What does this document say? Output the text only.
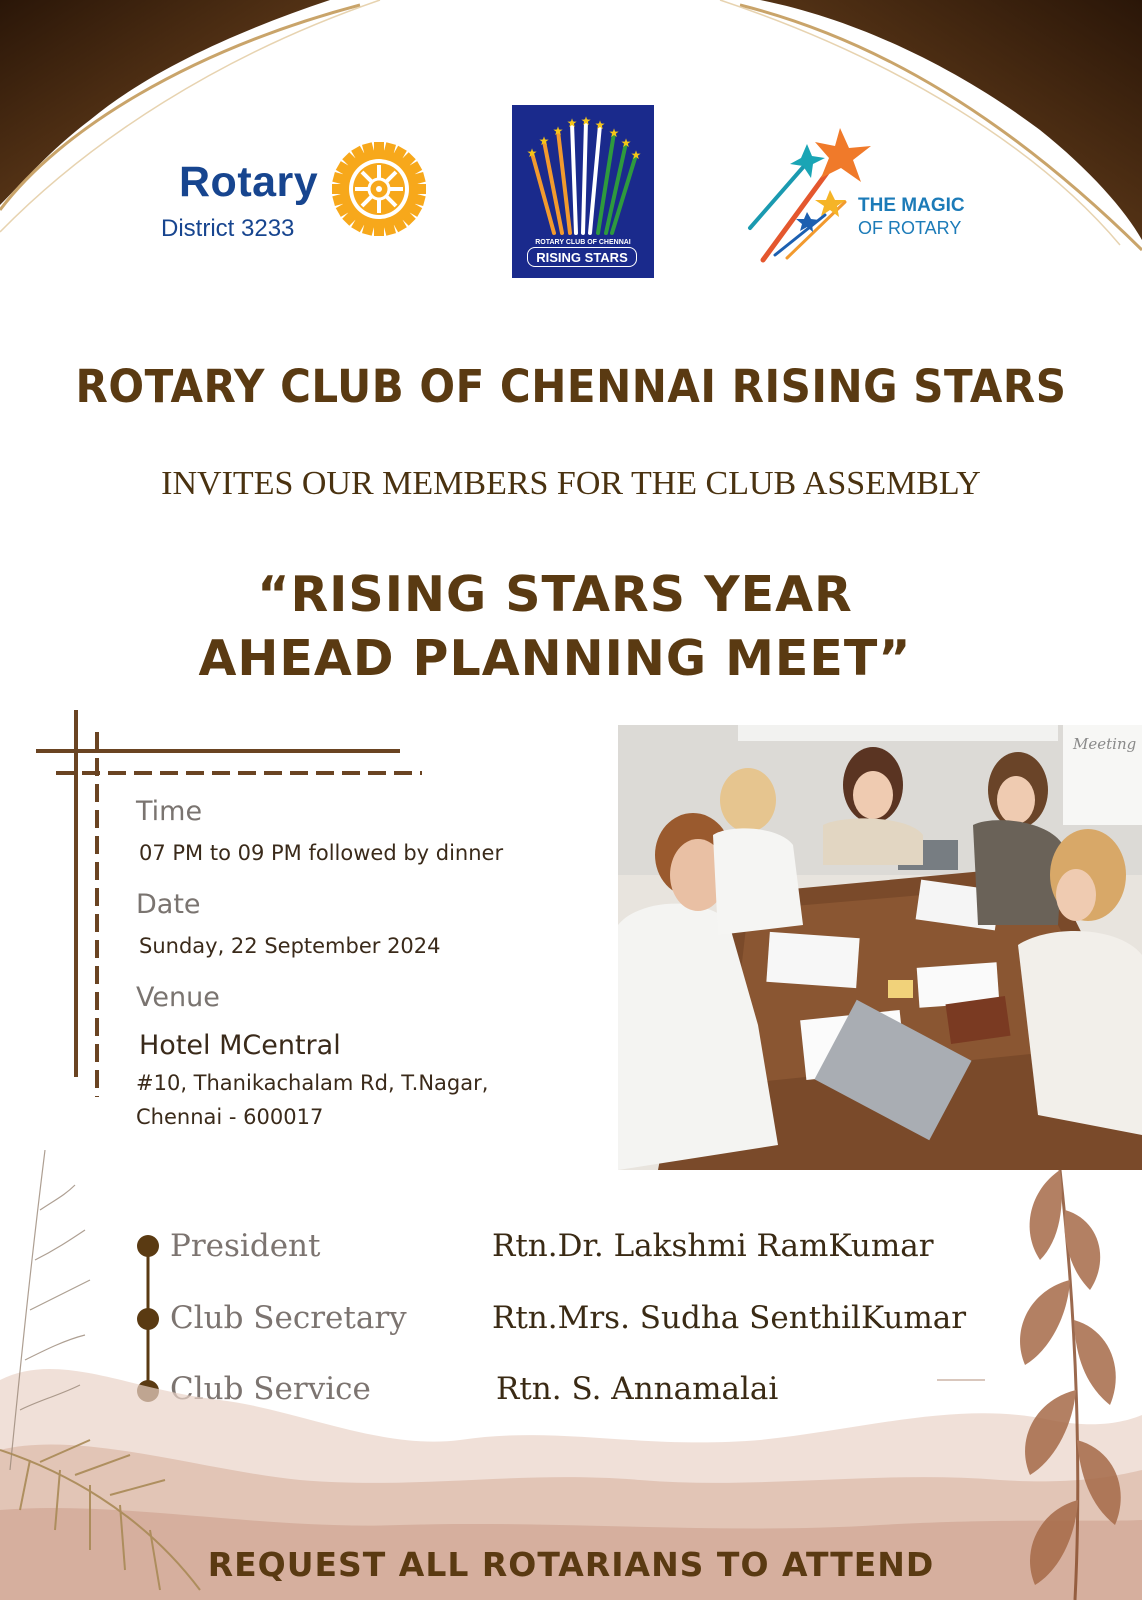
Rotary
District 3233
★
★
★
★ ★ ★
★
★
★
ROTARY CLUB OF CHENNAI
RISING STARS
THE MAGIC
OF ROTARY
ROTARY CLUB OF CHENNAI RISING STARS
INVITES OUR MEMBERS FOR THE CLUB ASSEMBLY
“RISING STARS YEAR
AHEAD PLANNING MEET”
Time
07 PM to 09 PM followed by dinner
Date
Sunday, 22 September 2024
Venue
Hotel MCentral
#10, Thanikachalam Rd, T.Nagar,
Chennai - 600017
Meeting
President	Rtn.Dr. Lakshmi RamKumar
Club Secretary	Rtn.Mrs. Sudha SenthilKumar
Club Service	Rtn. S. Annamalai
REQUEST ALL ROTARIANS TO ATTEND
